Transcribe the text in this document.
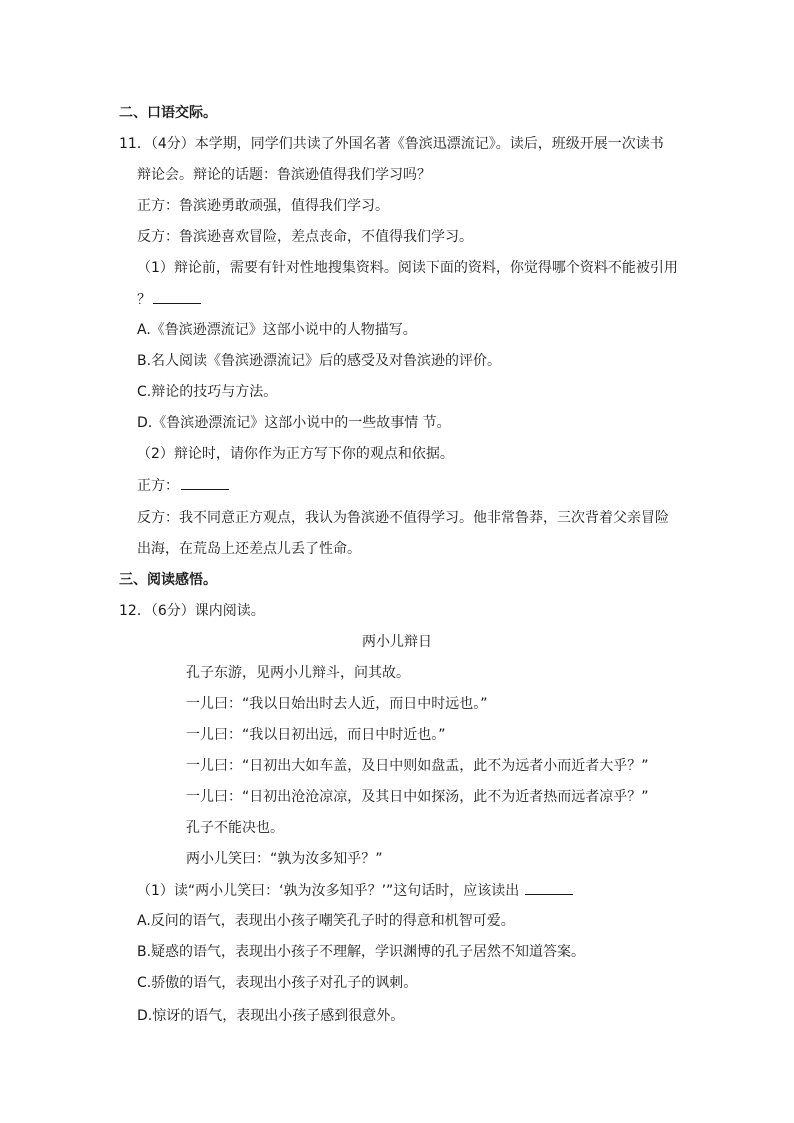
二、口语交际。
11．（4分）本学期，同学们共读了外国名著《鲁滨迅漂流记》。读后，班级开展一次读书
辩论会。辩论的话题：鲁滨逊值得我们学习吗？
正方：鲁滨逊勇敢顽强，值得我们学习。
反方：鲁滨逊喜欢冒险，差点丧命，不值得我们学习。
（1）辩论前，需要有针对性地搜集资料。阅读下面的资料，你觉得哪个资料不能被引用
？
A.《鲁滨逊漂流记》这部小说中的人物描写。
B.名人阅读《鲁滨逊漂流记》后的感受及对鲁滨逊的评价。
C.辩论的技巧与方法。
D.《鲁滨逊漂流记》这部小说中的一些故事情 节。
（2）辩论时，请你作为正方写下你的观点和依据。
正方：
反方：我不同意正方观点，我认为鲁滨逊不值得学习。他非常鲁莽，三次背着父亲冒险
出海，在荒岛上还差点儿丢了性命。
三、阅读感悟。
12．（6分）课内阅读。
两小儿辩日
孔子东游，见两小儿辩斗，问其故。
一儿曰：“我以日始出时去人近，而日中时远也。”
一儿曰：“我以日初出远，而日中时近也。”
一儿曰：“日初出大如车盖，及日中则如盘盂，此不为远者小而近者大乎？”
一儿曰：“日初出沧沧凉凉，及其日中如探汤，此不为近者热而远者凉乎？”
孔子不能决也。
两小儿笑曰：“孰为汝多知乎？”
（1）读“两小儿笑曰：‘孰为汝多知乎？’”这句话时，应该读出
A.反问的语气，表现出小孩子嘲笑孔子时的得意和机智可爱。
B.疑惑的语气，表现出小孩子不理解，学识渊博的孔子居然不知道答案。
C.骄傲的语气，表现出小孩子对孔子的讽刺。
D.惊讶的语气，表现出小孩子感到很意外。
